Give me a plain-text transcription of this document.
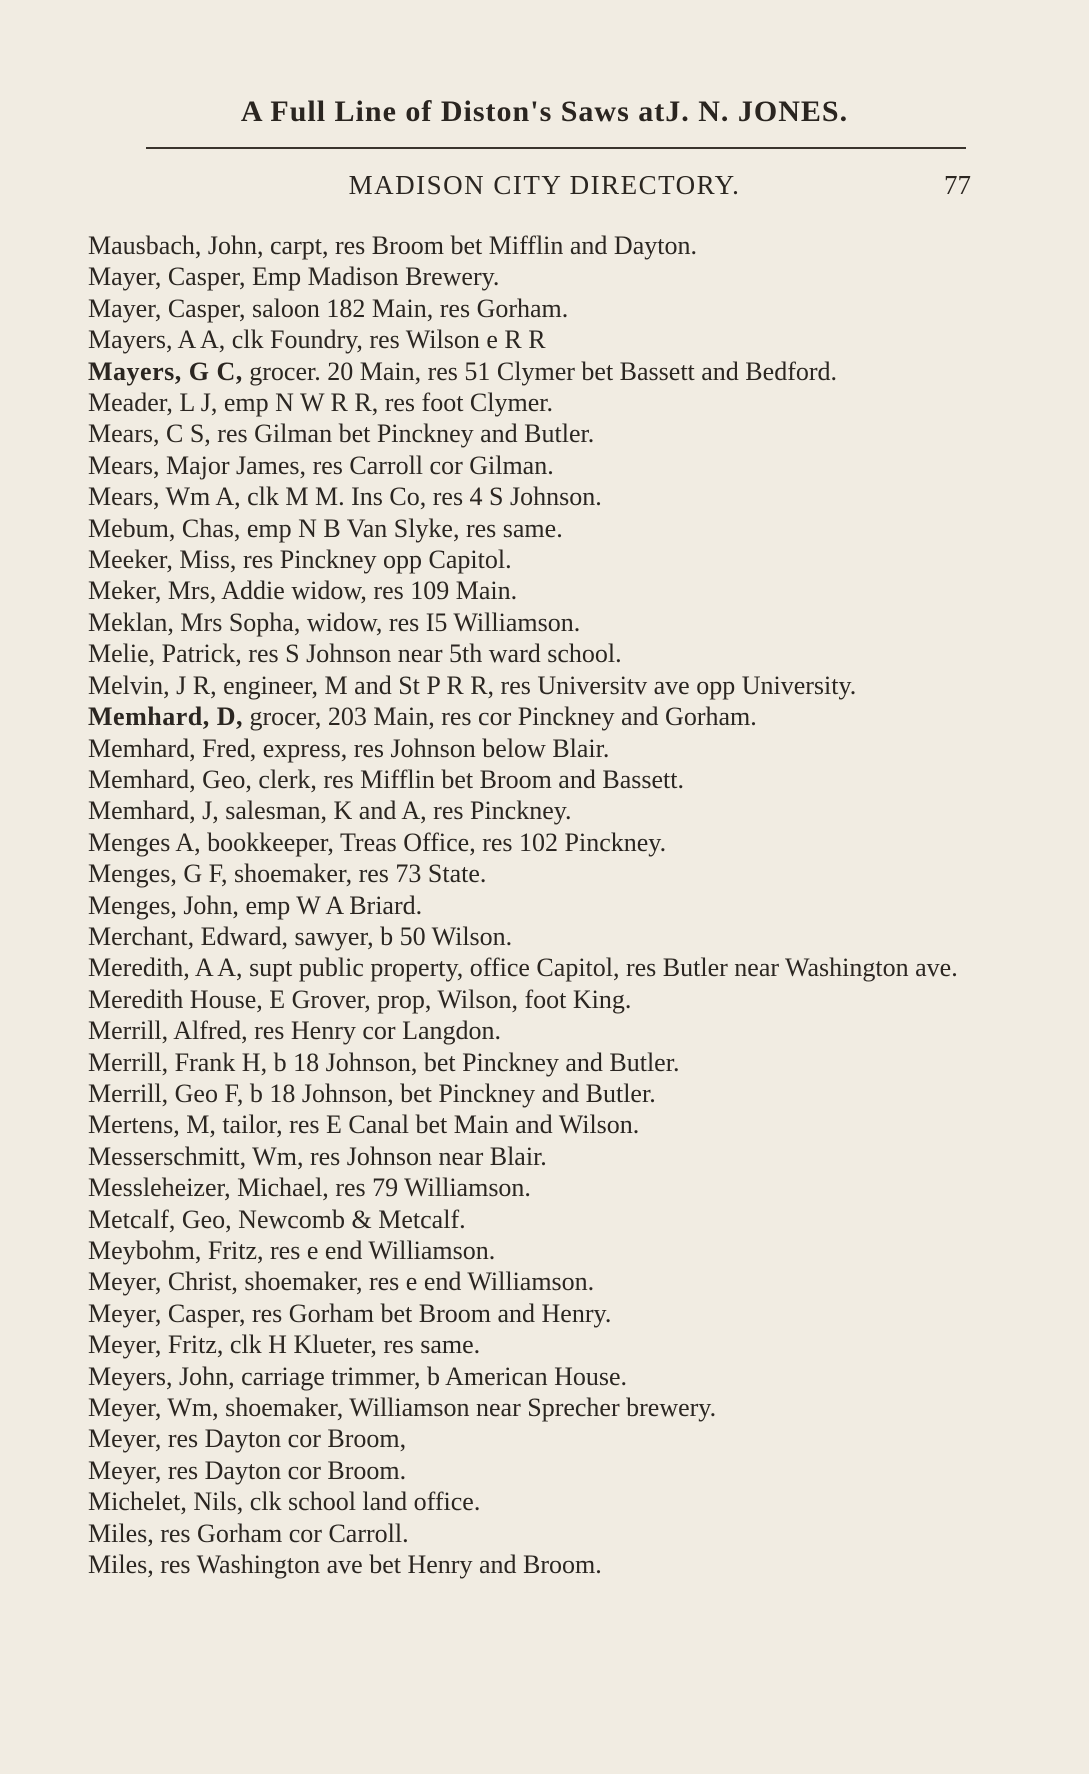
A Full Line of Diston's Saws atJ. N. JONES.
MADISON CITY DIRECTORY.	77
Mausbach, John, carpt, res Broom bet Mifflin and Dayton.
Mayer, Casper, Emp Madison Brewery.
Mayer, Casper, saloon 182 Main, res Gorham.
Mayers, A A, clk Foundry, res Wilson e R R
Mayers, G C, grocer. 20 Main, res 51 Clymer bet Bassett and Bedford.
Meader, L J, emp N W R R, res foot Clymer.
Mears, C S, res Gilman bet Pinckney and Butler.
Mears, Major James, res Carroll cor Gilman.
Mears, Wm A, clk M M. Ins Co, res 4 S Johnson.
Mebum, Chas, emp N B Van Slyke, res same.
Meeker, Miss, res Pinckney opp Capitol.
Meker, Mrs, Addie widow, res 109 Main.
Meklan, Mrs Sopha, widow, res I5 Williamson.
Melie, Patrick, res S Johnson near 5th ward school.
Melvin, J R, engineer, M and St P R R, res Universitv ave opp University.
Memhard, D, grocer, 203 Main, res cor Pinckney and Gorham.
Memhard, Fred, express, res Johnson below Blair.
Memhard, Geo, clerk, res Mifflin bet Broom and Bassett.
Memhard, J, salesman, K and A, res Pinckney.
Menges A, bookkeeper, Treas Office, res 102 Pinckney.
Menges, G F, shoemaker, res 73 State.
Menges, John, emp W A Briard.
Merchant, Edward, sawyer, b 50 Wilson.
Meredith, A A, supt public property, office Capitol, res Butler near Washington ave.
Meredith House, E Grover, prop, Wilson, foot King.
Merrill, Alfred, res Henry cor Langdon.
Merrill, Frank H, b 18 Johnson, bet Pinckney and Butler.
Merrill, Geo F, b 18 Johnson, bet Pinckney and Butler.
Mertens, M, tailor, res E Canal bet Main and Wilson.
Messerschmitt, Wm, res Johnson near Blair.
Messleheizer, Michael, res 79 Williamson.
Metcalf, Geo, Newcomb & Metcalf.
Meybohm, Fritz, res e end Williamson.
Meyer, Christ, shoemaker, res e end Williamson.
Meyer, Casper, res Gorham bet Broom and Henry.
Meyer, Fritz, clk H Klueter, res same.
Meyers, John, carriage trimmer, b American House.
Meyer, Wm, shoemaker, Williamson near Sprecher brewery.
Meyer, res Dayton cor Broom,
Meyer, res Dayton cor Broom.
Michelet, Nils, clk school land office.
Miles, res Gorham cor Carroll.
Miles, res Washington ave bet Henry and Broom.
